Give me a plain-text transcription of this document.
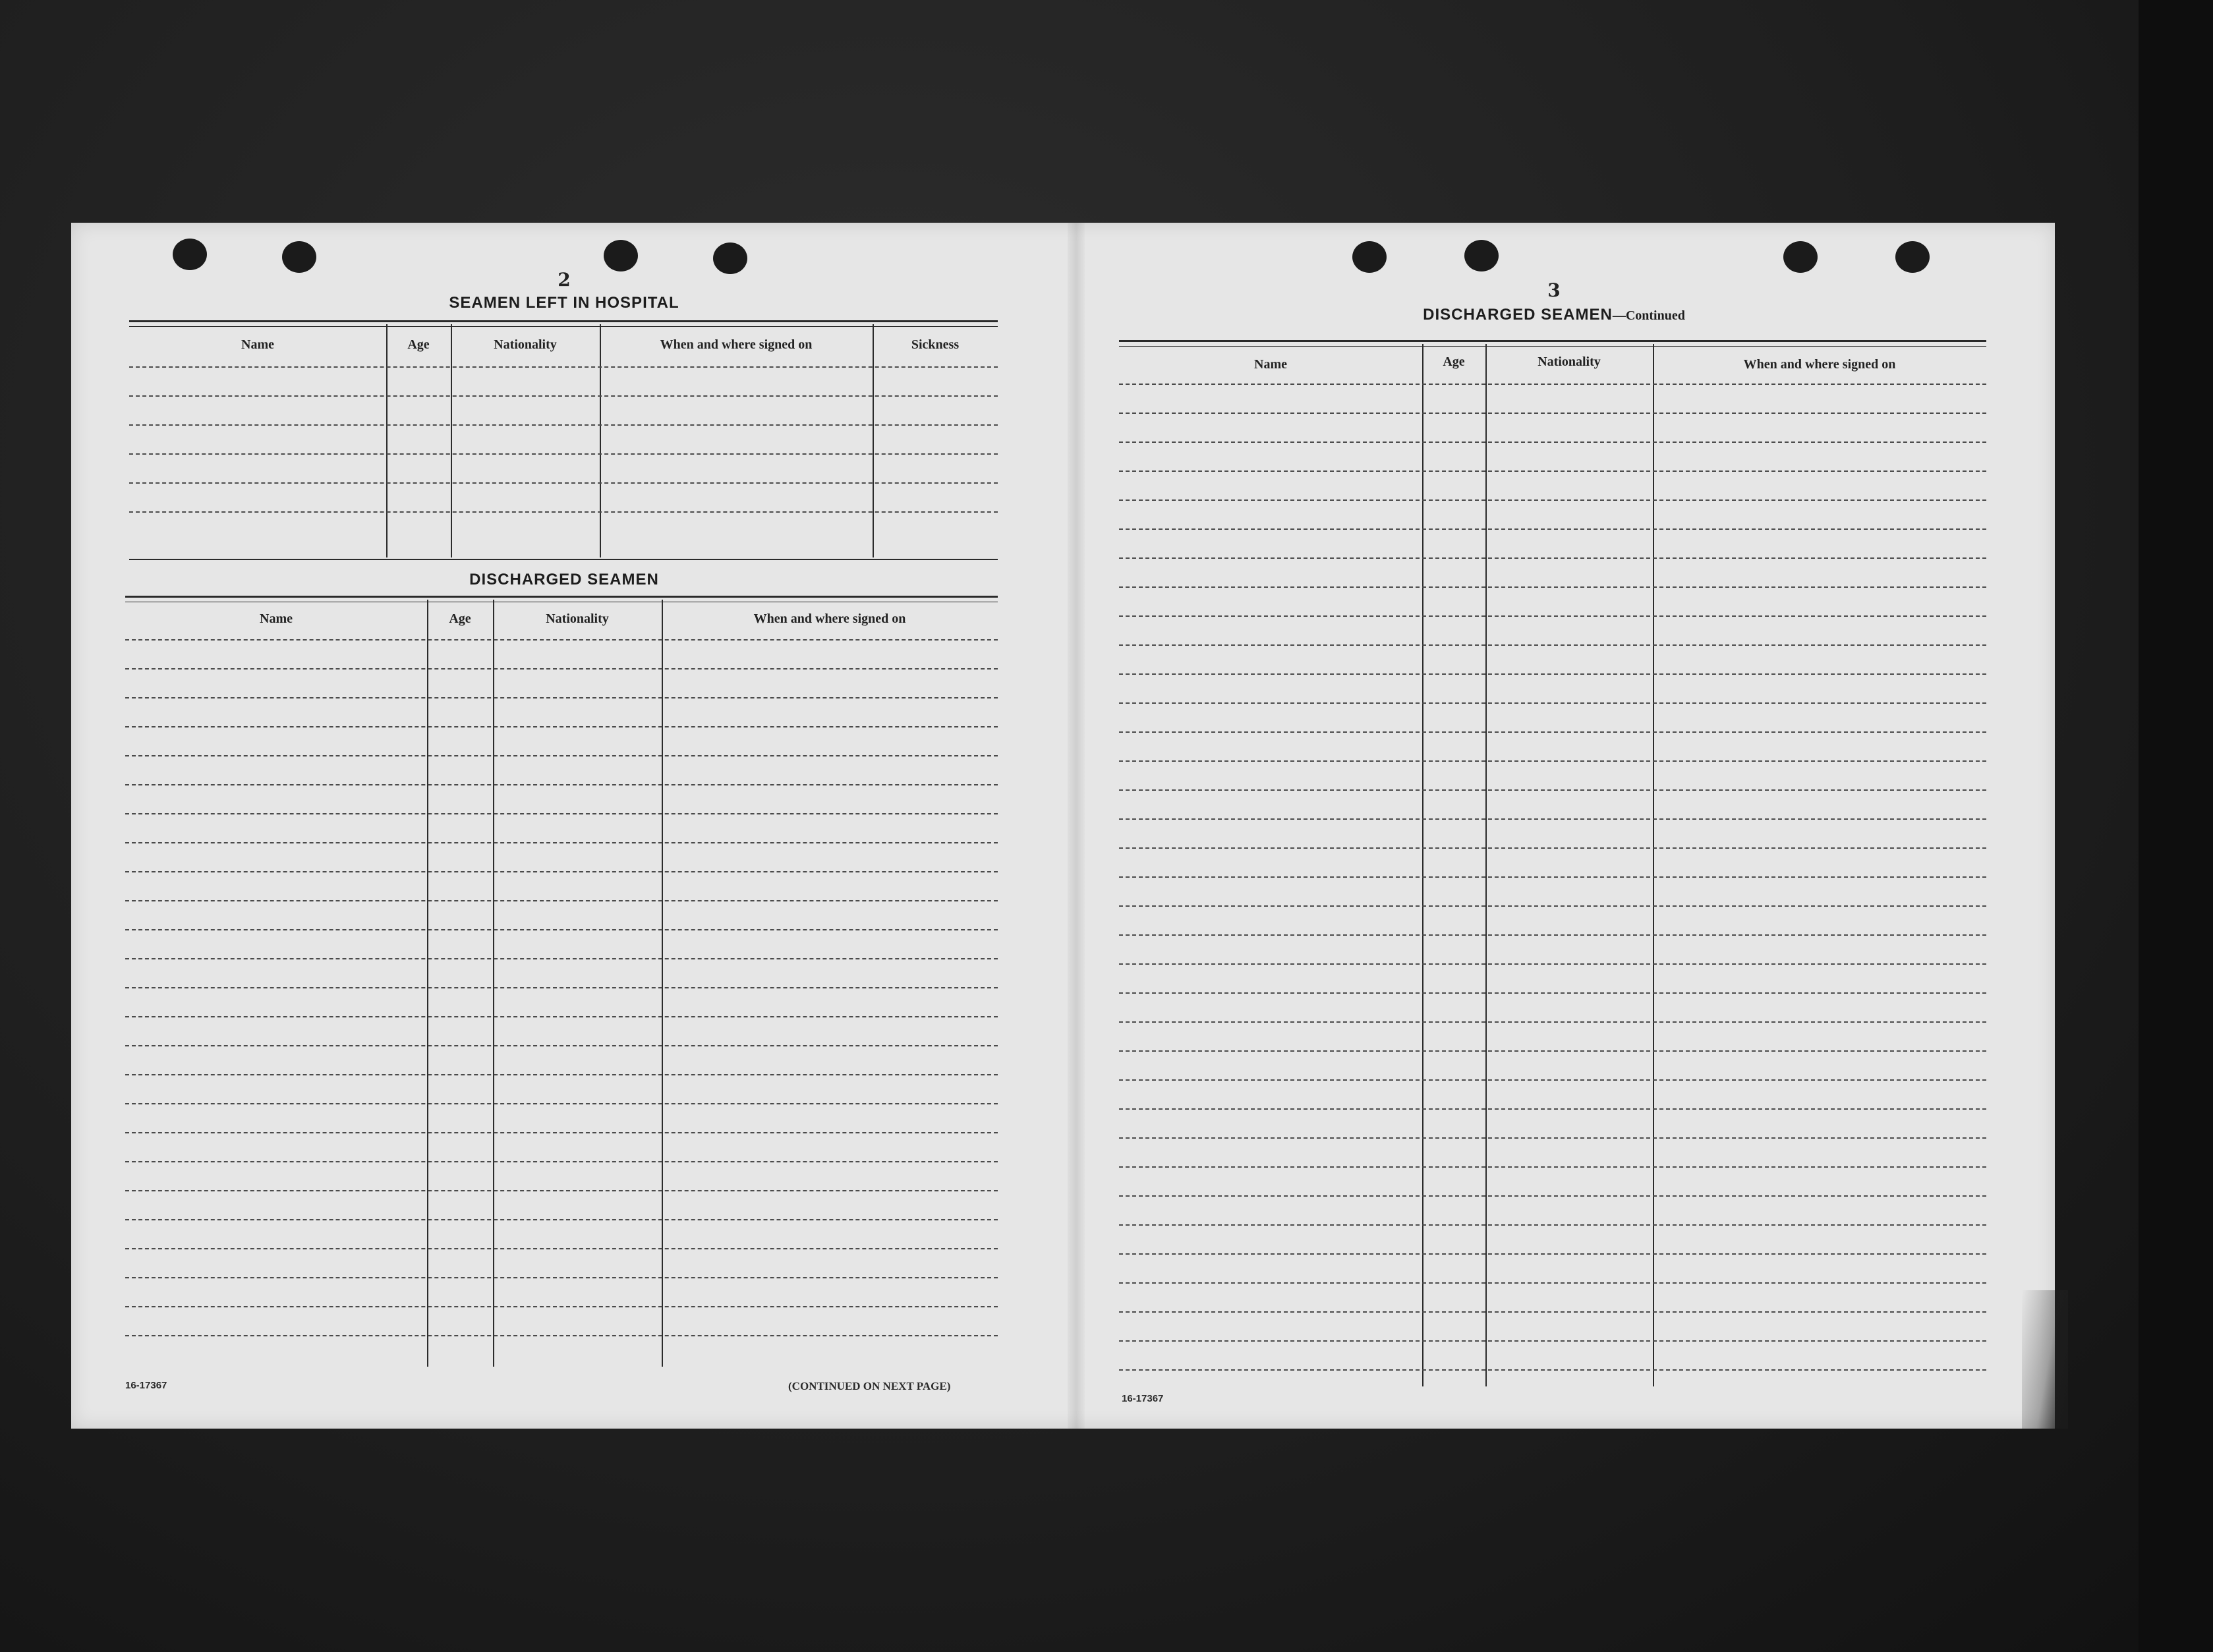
2
SEAMEN LEFT IN HOSPITAL
Name	Age	Nationality	When and where signed on	Sickness
DISCHARGED SEAMEN
Name	Age	Nationality	When and where signed on
16-17367	(CONTINUED ON NEXT PAGE)
3
DISCHARGED SEAMEN—Continued
Name	Age	Nationality	When and where signed on
16-17367
